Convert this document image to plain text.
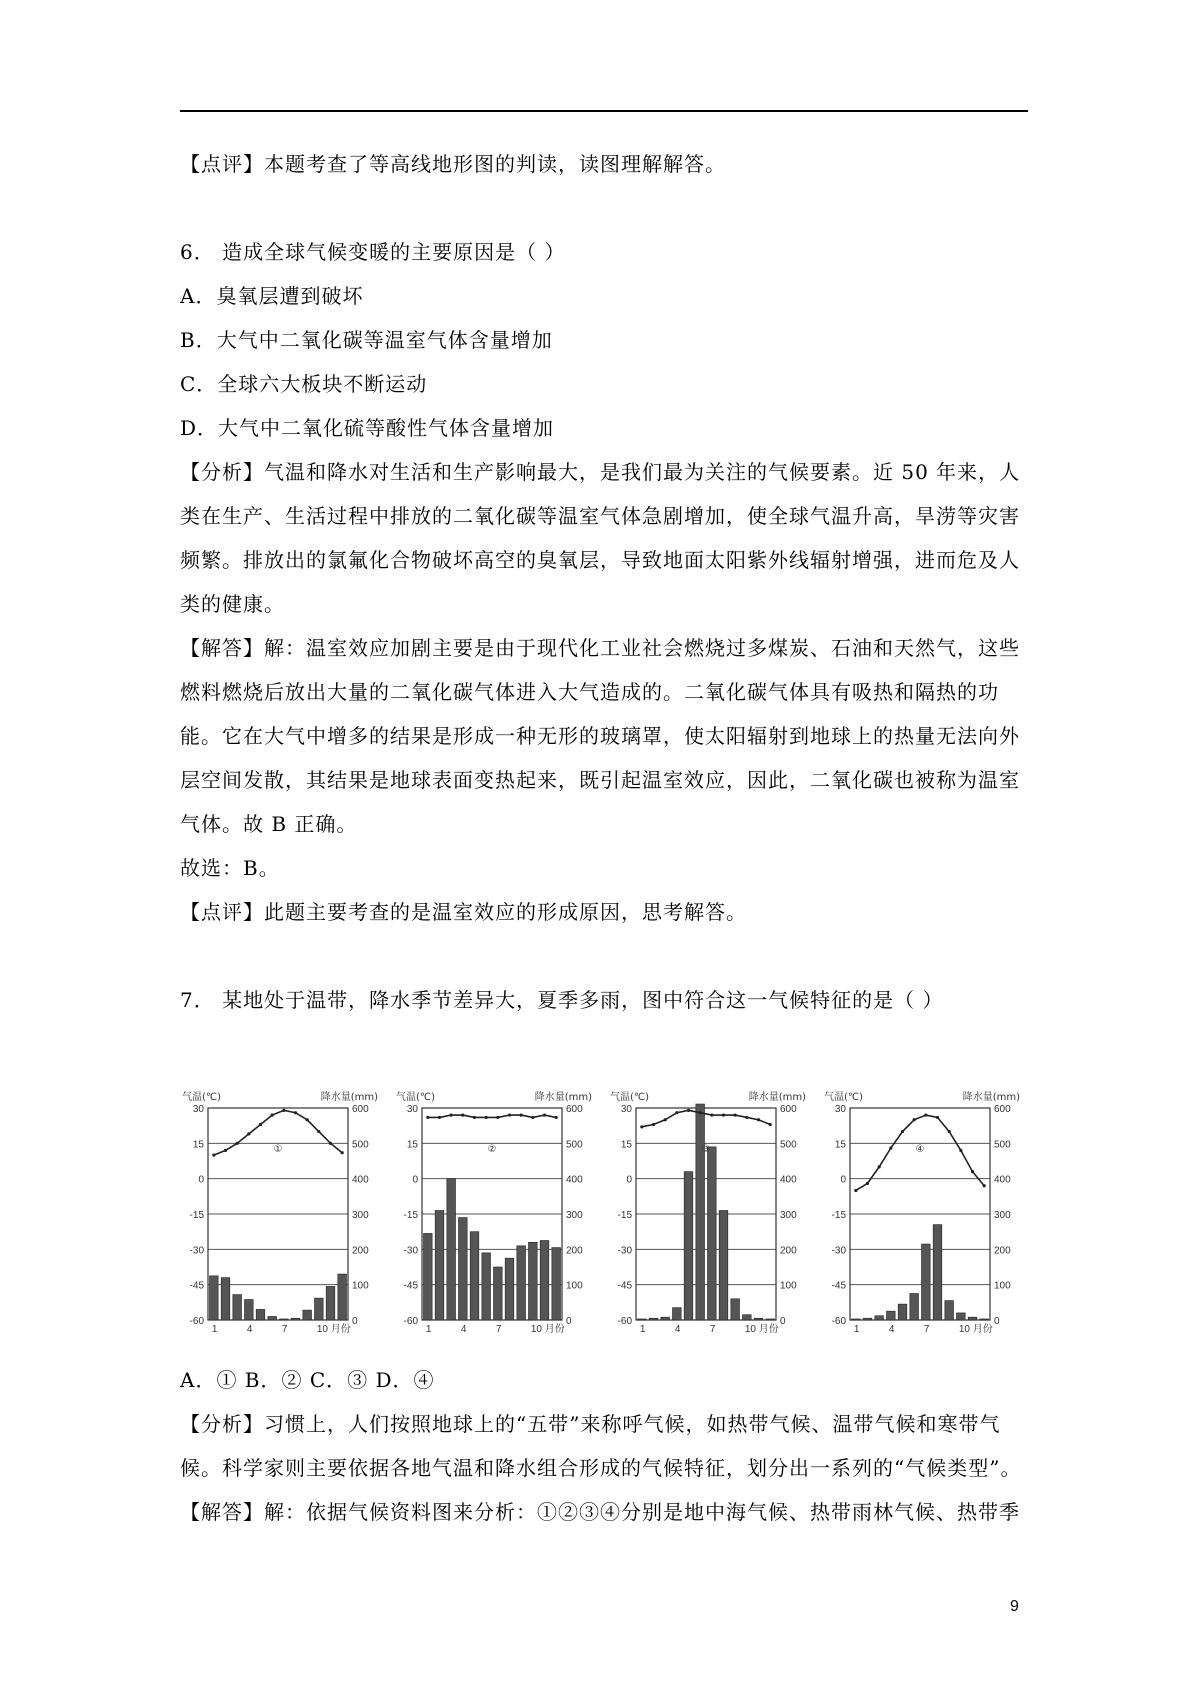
【点评】本题考查了等高线地形图的判读，读图理解解答。
6． 造成全球气候变暖的主要原因是（ ）
A．臭氧层遭到破坏
B．大气中二氧化碳等温室气体含量增加
C．全球六大板块不断运动
D．大气中二氧化硫等酸性气体含量增加
【分析】气温和降水对生活和生产影响最大，是我们最为关注的气候要素。近 50 年来，人
类在生产、生活过程中排放的二氧化碳等温室气体急剧增加，使全球气温升高，旱涝等灾害
频繁。排放出的氯氟化合物破坏高空的臭氧层，导致地面太阳紫外线辐射增强，进而危及人
类的健康。
【解答】解：温室效应加剧主要是由于现代化工业社会燃烧过多煤炭、石油和天然气，这些
燃料燃烧后放出大量的二氧化碳气体进入大气造成的。二氧化碳气体具有吸热和隔热的功
能。它在大气中增多的结果是形成一种无形的玻璃罩，使太阳辐射到地球上的热量无法向外
层空间发散，其结果是地球表面变热起来，既引起温室效应，因此，二氧化碳也被称为温室
气体。故 B 正确。
故选：B。
【点评】此题主要考查的是温室效应的形成原因，思考解答。
7． 某地处于温带，降水季节差异大，夏季多雨，图中符合这一气候特征的是（ ）
气温(℃)	降水量(mm)
30
15
0
-15
-30
-45
-60
600
500
400
300
200
100
0
①
1	4	7	10 月份
气温(℃)	降水量(mm)
30
15
0
-15
-30
-45
-60
600
500
400
300
200
100
0
②
1	4	7	10 月份
气温(℃)	降水量(mm)
30
15
0
-15
-30
-45
-60
600
500
400
300
200
100
0
③
1	4	7	10 月份
气温(℃)	降水量(mm)
30
15
0
-15
-30
-45
-60
600
500
400
300
200
100
0
④
1	4	7	10 月份
A．① B．② C．③ D．④
【分析】习惯上，人们按照地球上的“五带”来称呼气候，如热带气候、温带气候和寒带气
候。科学家则主要依据各地气温和降水组合形成的气候特征，划分出一系列的“气候类型”。
【解答】解：依据气候资料图来分析：①②③④分别是地中海气候、热带雨林气候、热带季
9
